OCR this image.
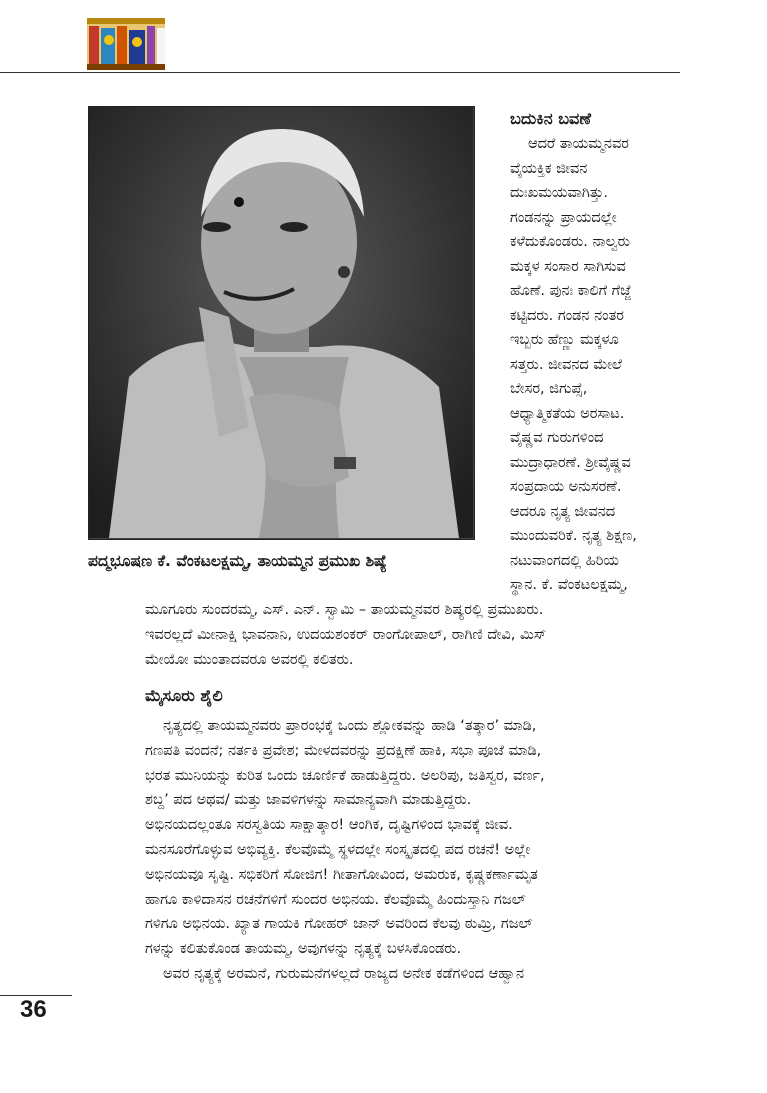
ಪದ್ಮಭೂಷಣ ಕೆ. ವೆಂಕಟಲಕ್ಷಮ್ಮ, ತಾಯಮ್ಮನ ಪ್ರಮುಖ ಶಿಷ್ಯೆ
ಬದುಕಿನ ಬವಣೆ
ಆದರೆ ತಾಯಮ್ಮನವರ
ವೈಯಕ್ತಿಕ ಜೀವನ
ದುಃಖಮಯವಾಗಿತ್ತು.
ಗಂಡನನ್ನು ಪ್ರಾಯದಲ್ಲೇ
ಕಳೆದುಕೊಂಡರು. ನಾಲ್ವರು
ಮಕ್ಕಳ ಸಂಸಾರ ಸಾಗಿಸುವ
ಹೊಣೆ. ಪುನಃ ಕಾಲಿಗೆ ಗೆಜ್ಜೆ
ಕಟ್ಟಿದರು. ಗಂಡನ ನಂತರ
ಇಬ್ಬರು ಹೆಣ್ಣು ಮಕ್ಕಳೂ
ಸತ್ತರು. ಜೀವನದ ಮೇಲೆ
ಬೇಸರ, ಜಿಗುಪ್ಸೆ,
ಆಧ್ಯಾತ್ಮಿಕತೆಯ ಅರಸಾಟ.
ವೈಷ್ಣವ ಗುರುಗಳಿಂದ
ಮುದ್ರಾಧಾರಣೆ. ಶ್ರೀವೈಷ್ಣವ
ಸಂಪ್ರದಾಯ ಅನುಸರಣೆ.
ಆದರೂ ನೃತ್ಯ ಜೀವನದ
ಮುಂದುವರಿಕೆ. ನೃತ್ಯ ಶಿಕ್ಷಣ,
ನಟುವಾಂಗದಲ್ಲಿ ಹಿರಿಯ
ಸ್ಥಾನ. ಕೆ. ವೆಂಕಟಲಕ್ಷಮ್ಮ,
ಮೂಗೂರು ಸುಂದರಮ್ಮ, ಎಸ್. ಎನ್. ಸ್ವಾಮಿ – ತಾಯಮ್ಮನವರ ಶಿಷ್ಯರಲ್ಲಿ ಪ್ರಮುಖರು.
ಇವರಲ್ಲದೆ ಮೀನಾಕ್ಷಿ ಭಾವನಾನಿ, ಉದಯಶಂಕರ್ ರಾಂಗೋಪಾಲ್, ರಾಗಿಣಿ ದೇವಿ, ಮಿಸ್
ಮೇಯೋ ಮುಂತಾದವರೂ ಅವರಲ್ಲಿ ಕಲಿತರು.
ಮೈಸೂರು ಶೈಲಿ
ನೃತ್ಯದಲ್ಲಿ ತಾಯಮ್ಮನವರು ಪ್ರಾರಂಭಕ್ಕೆ ಒಂದು ಶ್ಲೋಕವನ್ನು ಹಾಡಿ ‘ತತ್ಕಾರ’ ಮಾಡಿ,
ಗಣಪತಿ ವಂದನೆ; ನರ್ತಕಿ ಪ್ರವೇಶ; ಮೇಳದವರನ್ನು ಪ್ರದಕ್ಷಿಣೆ ಹಾಕಿ, ಸಭಾ ಪೂಜೆ ಮಾಡಿ,
ಭರತ ಮುನಿಯನ್ನು ಕುರಿತ ಒಂದು ಚೂರ್ಣಿಕೆ ಹಾಡುತ್ತಿದ್ದರು. ಅಲರಿಪು, ಜತಿಸ್ವರ, ವರ್ಣ,
ಶಬ್ದ’ ಪದ ಅಥವ/ ಮತ್ತು ಜಾವಳಿಗಳನ್ನು ಸಾಮಾನ್ಯವಾಗಿ ಮಾಡುತ್ತಿದ್ದರು.
ಅಭಿನಯದಲ್ಲಂತೂ ಸರಸ್ವತಿಯ ಸಾಕ್ಷಾತ್ಕಾರ! ಆಂಗಿಕ, ದೃಷ್ಟಿಗಳಿಂದ ಭಾವಕ್ಕೆ ಜೀವ.
ಮನಸೂರೆಗೊಳ್ಳುವ ಅಭಿವ್ಯಕ್ತಿ. ಕೆಲವೊಮ್ಮೆ ಸ್ಥಳದಲ್ಲೇ ಸಂಸ್ಕೃತದಲ್ಲಿ ಪದ ರಚನೆ! ಅಲ್ಲೇ
ಅಭಿನಯವೂ ಸೃಷ್ಟಿ. ಸಭಿಕರಿಗೆ ಸೋಜಿಗ! ಗೀತಾಗೋವಿಂದ, ಅಮರುಕ, ಕೃಷ್ಣಕರ್ಣಾಮೃತ
ಹಾಗೂ ಕಾಳಿದಾಸನ ರಚನೆಗಳಿಗೆ ಸುಂದರ ಅಭಿನಯ. ಕೆಲವೊಮ್ಮೆ ಹಿಂದುಸ್ತಾನಿ ಗಜಲ್
ಗಳಿಗೂ ಅಭಿನಯ. ಖ್ಯಾತ ಗಾಯಕಿ ಗೋಹರ್ ಜಾನ್ ಅವರಿಂದ ಕೆಲವು ಠುಮ್ರಿ, ಗಜಲ್
ಗಳನ್ನು ಕಲಿತುಕೊಂಡ ತಾಯಮ್ಮ, ಅವುಗಳನ್ನು ನೃತ್ಯಕ್ಕೆ ಬಳಸಿಕೊಂಡರು.
ಅವರ ನೃತ್ಯಕ್ಕೆ ಅರಮನೆ, ಗುರುಮನೆಗಳಲ್ಲದೆ ರಾಜ್ಯದ ಅನೇಕ ಕಡೆಗಳಿಂದ ಆಹ್ವಾನ
36
